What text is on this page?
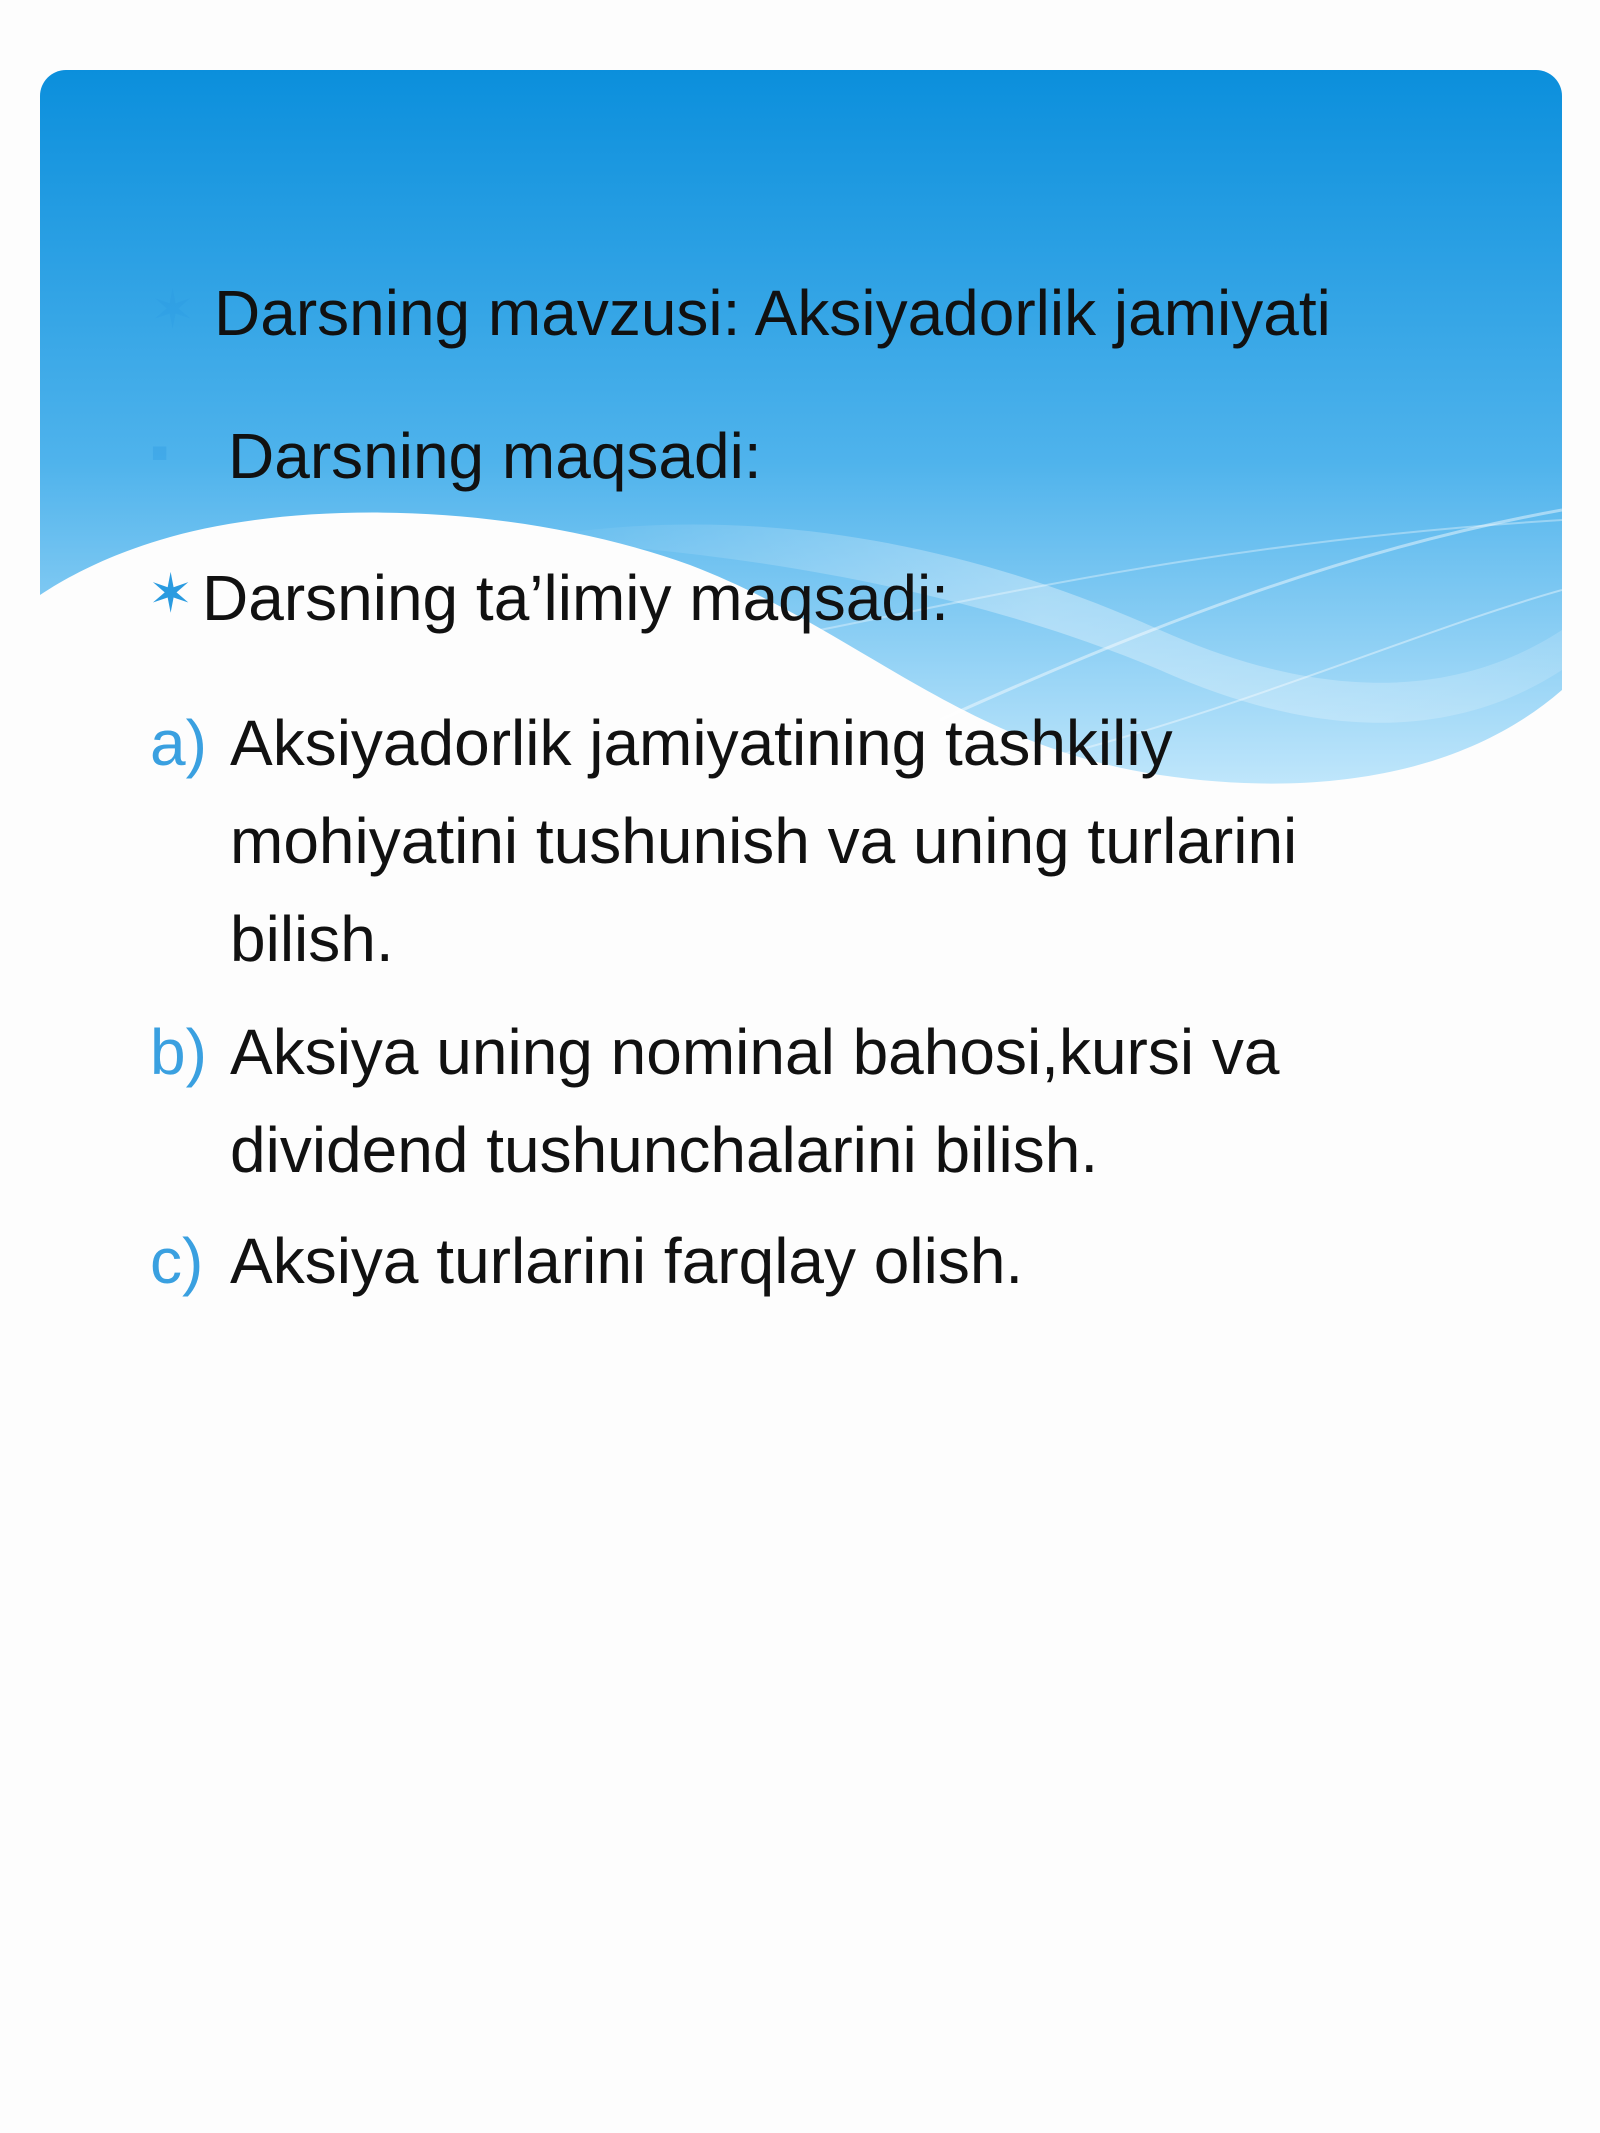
✶
▪
Darsning mavzusi: Aksiyadorlik jamiyati
Darsning maqsadi:
✶ Darsning ta’limiy maqsadi:
a) Aksiyadorlik jamiyatining tashkiliy mohiyatini tushunish va uning turlarini bilish.
b) Aksiya uning nominal bahosi,kursi va dividend tushunchalarini bilish.
c) Aksiya turlarini farqlay olish.
